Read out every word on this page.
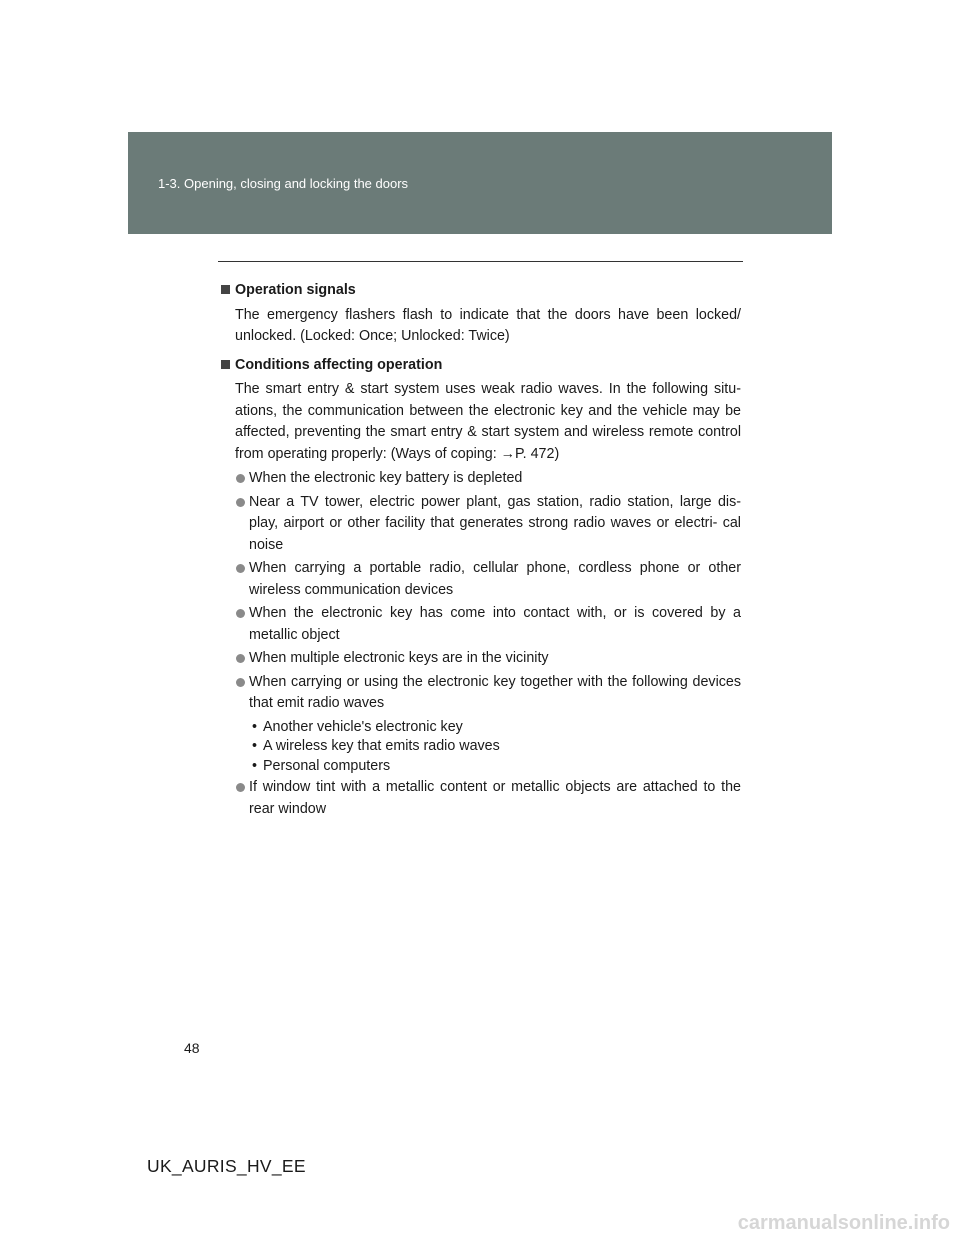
1-3. Opening, closing and locking the doors
Operation signals

The emergency flashers flash to indicate that the doors have been locked/ unlocked. (Locked: Once; Unlocked: Twice)

Conditions affecting operation

The smart entry & start system uses weak radio waves. In the following situ- ations, the communication between the electronic key and the vehicle may be affected, preventing the smart entry & start system and wireless remote control from operating properly: (Ways of coping: →P. 472)

When the electronic key battery is depleted
Near a TV tower, electric power plant, gas station, radio station, large dis- play, airport or other facility that generates strong radio waves or electri- cal noise
When carrying a portable radio, cellular phone, cordless phone or other wireless communication devices
When the electronic key has come into contact with, or is covered by a metallic object
When multiple electronic keys are in the vicinity
When carrying or using the electronic key together with the following devices that emit radio waves
• Another vehicle's electronic key
• A wireless key that emits radio waves
• Personal computers
If window tint with a metallic content or metallic objects are attached to the rear window
48
UK_AURIS_HV_EE
carmanualsonline.info
